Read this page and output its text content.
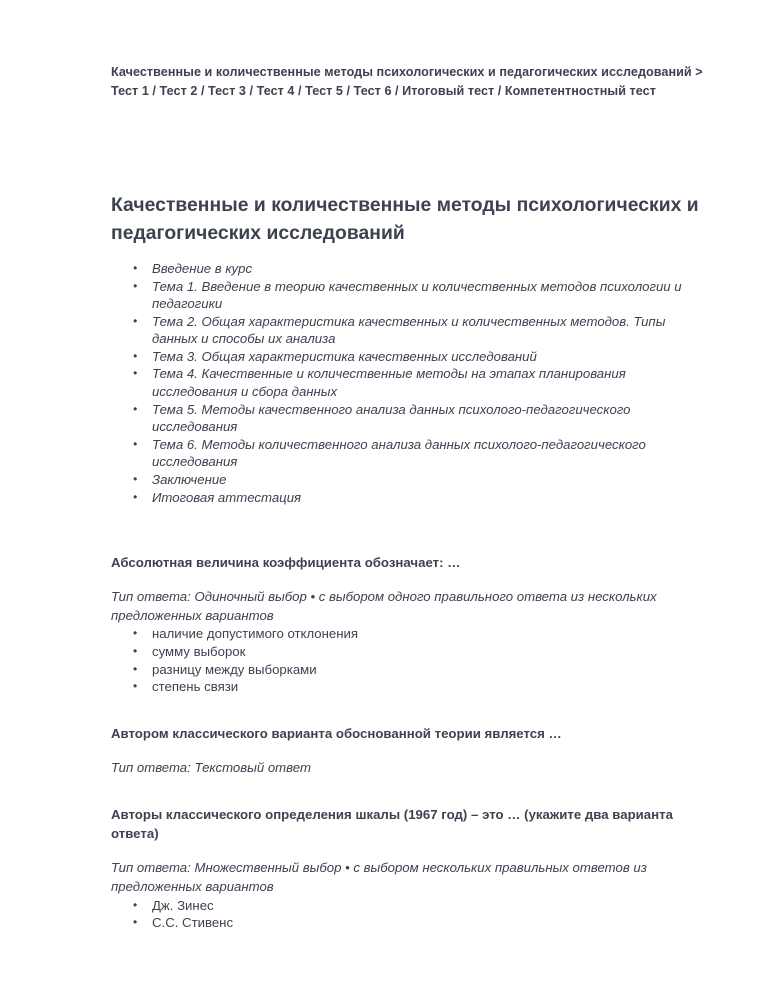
Качественные и количественные методы психологических и педагогических исследований > Тест 1 / Тест 2 / Тест 3 / Тест 4 / Тест 5 / Тест 6 / Итоговый тест / Компетентностный тест
Качественные и количественные методы психологических и педагогических исследований
• Введение в курс
• Тема 1. Введение в теорию качественных и количественных методов психологии и педагогики
• Тема 2. Общая характеристика качественных и количественных методов. Типы данных и способы их анализа
• Тема 3. Общая характеристика качественных исследований
• Тема 4. Качественные и количественные методы на этапах планирования исследования и сбора данных
• Тема 5. Методы качественного анализа данных психолого-педагогического исследования
• Тема 6. Методы количественного анализа данных психолого-педагогического исследования
• Заключение
• Итоговая аттестация
Абсолютная величина коэффициента обозначает: …
Тип ответа: Одиночный выбор • с выбором одного правильного ответа из нескольких предложенных вариантов
• наличие допустимого отклонения
• сумму выборок
• разницу между выборками
• степень связи
Автором классического варианта обоснованной теории является …
Тип ответа: Текстовый ответ
Авторы классического определения шкалы (1967 год) – это … (укажите два варианта ответа)
Тип ответа: Множественный выбор • с выбором нескольких правильных ответов из предложенных вариантов
• Дж. Зинес
• С.С. Стивенс
